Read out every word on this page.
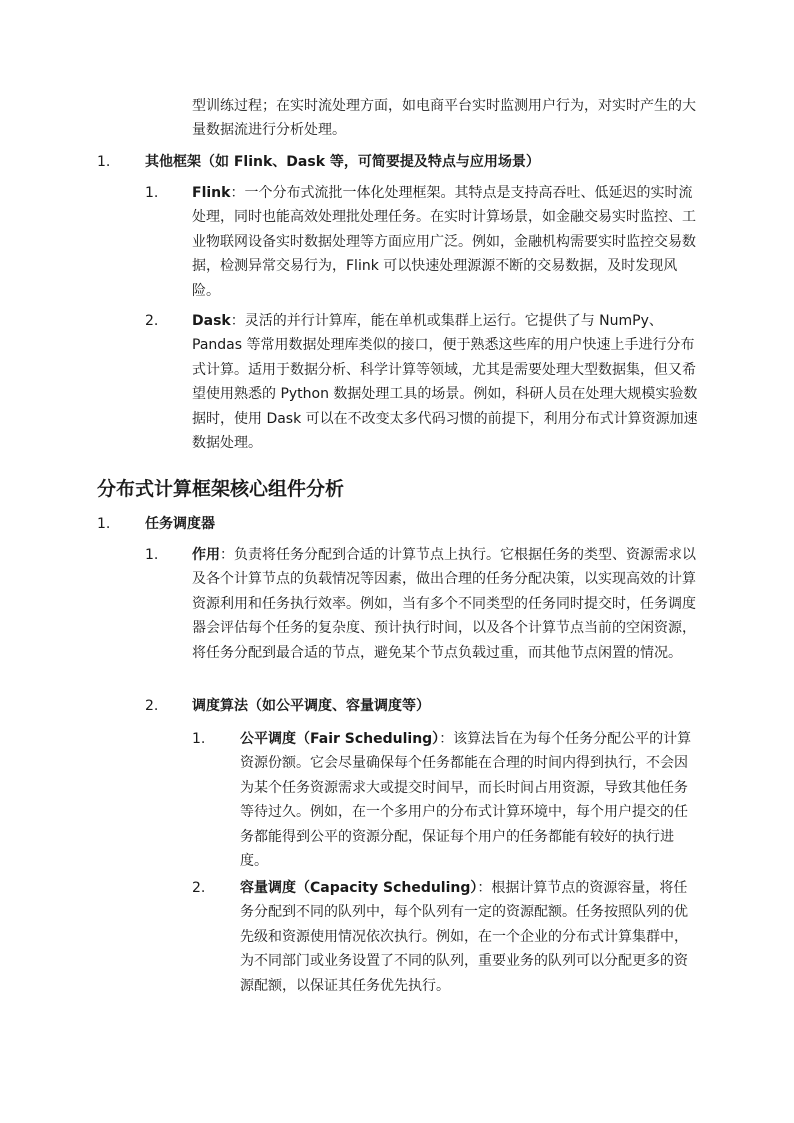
型训练过程；在实时流处理方面，如电商平台实时监测用户行为，对实时产生的大量数据流进行分析处理。

1. 其他框架（如 Flink、Dask 等，可简要提及特点与应用场景）
1. Flink：一个分布式流批一体化处理框架。其特点是支持高吞吐、低延迟的实时流处理，同时也能高效处理批处理任务。在实时计算场景，如金融交易实时监控、工业物联网设备实时数据处理等方面应用广泛。例如，金融机构需要实时监控交易数据，检测异常交易行为，Flink 可以快速处理源源不断的交易数据，及时发现风险。

2. Dask：灵活的并行计算库，能在单机或集群上运行。它提供了与 NumPy、Pandas 等常用数据处理库类似的接口，便于熟悉这些库的用户快速上手进行分布式计算。适用于数据分析、科学计算等领域，尤其是需要处理大型数据集，但又希望使用熟悉的 Python 数据处理工具的场景。例如，科研人员在处理大规模实验数据时，使用 Dask 可以在不改变太多代码习惯的前提下，利用分布式计算资源加速数据处理。

分布式计算框架核心组件分析
1. 任务调度器
1. 作用：负责将任务分配到合适的计算节点上执行。它根据任务的类型、资源需求以及各个计算节点的负载情况等因素，做出合理的任务分配决策，以实现高效的计算资源利用和任务执行效率。例如，当有多个不同类型的任务同时提交时，任务调度器会评估每个任务的复杂度、预计执行时间，以及各个计算节点当前的空闲资源，将任务分配到最合适的节点，避免某个节点负载过重，而其他节点闲置的情况。

2. 调度算法（如公平调度、容量调度等）
1. 公平调度（Fair Scheduling）：该算法旨在为每个任务分配公平的计算资源份额。它会尽量确保每个任务都能在合理的时间内得到执行，不会因为某个任务资源需求大或提交时间早，而长时间占用资源，导致其他任务等待过久。例如，在一个多用户的分布式计算环境中，每个用户提交的任务都能得到公平的资源分配，保证每个用户的任务都能有较好的执行进度。

2. 容量调度（Capacity Scheduling）：根据计算节点的资源容量，将任务分配到不同的队列中，每个队列有一定的资源配额。任务按照队列的优先级和资源使用情况依次执行。例如，在一个企业的分布式计算集群中，为不同部门或业务设置了不同的队列，重要业务的队列可以分配更多的资源配额，以保证其任务优先执行。
